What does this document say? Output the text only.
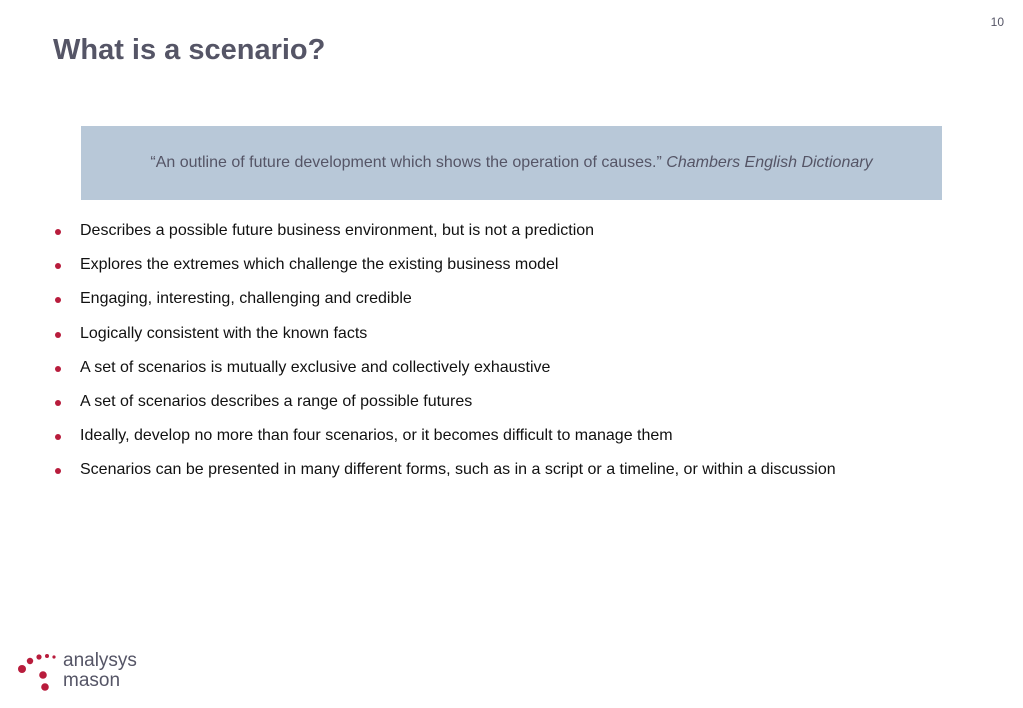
10
What is a scenario?
“An outline of future development which shows the operation of causes.”
Chambers English Dictionary
Describes a possible future business environment, but is not a prediction
Explores the extremes which challenge the existing business model
Engaging, interesting, challenging and credible
Logically consistent with the known facts
A set of scenarios is mutually exclusive and collectively exhaustive
A set of scenarios describes a range of possible futures
Ideally, develop no more than four scenarios, or it becomes difficult to manage them
Scenarios can be presented in many different forms, such as in a script or a timeline, or within a discussion
analysys
mason
